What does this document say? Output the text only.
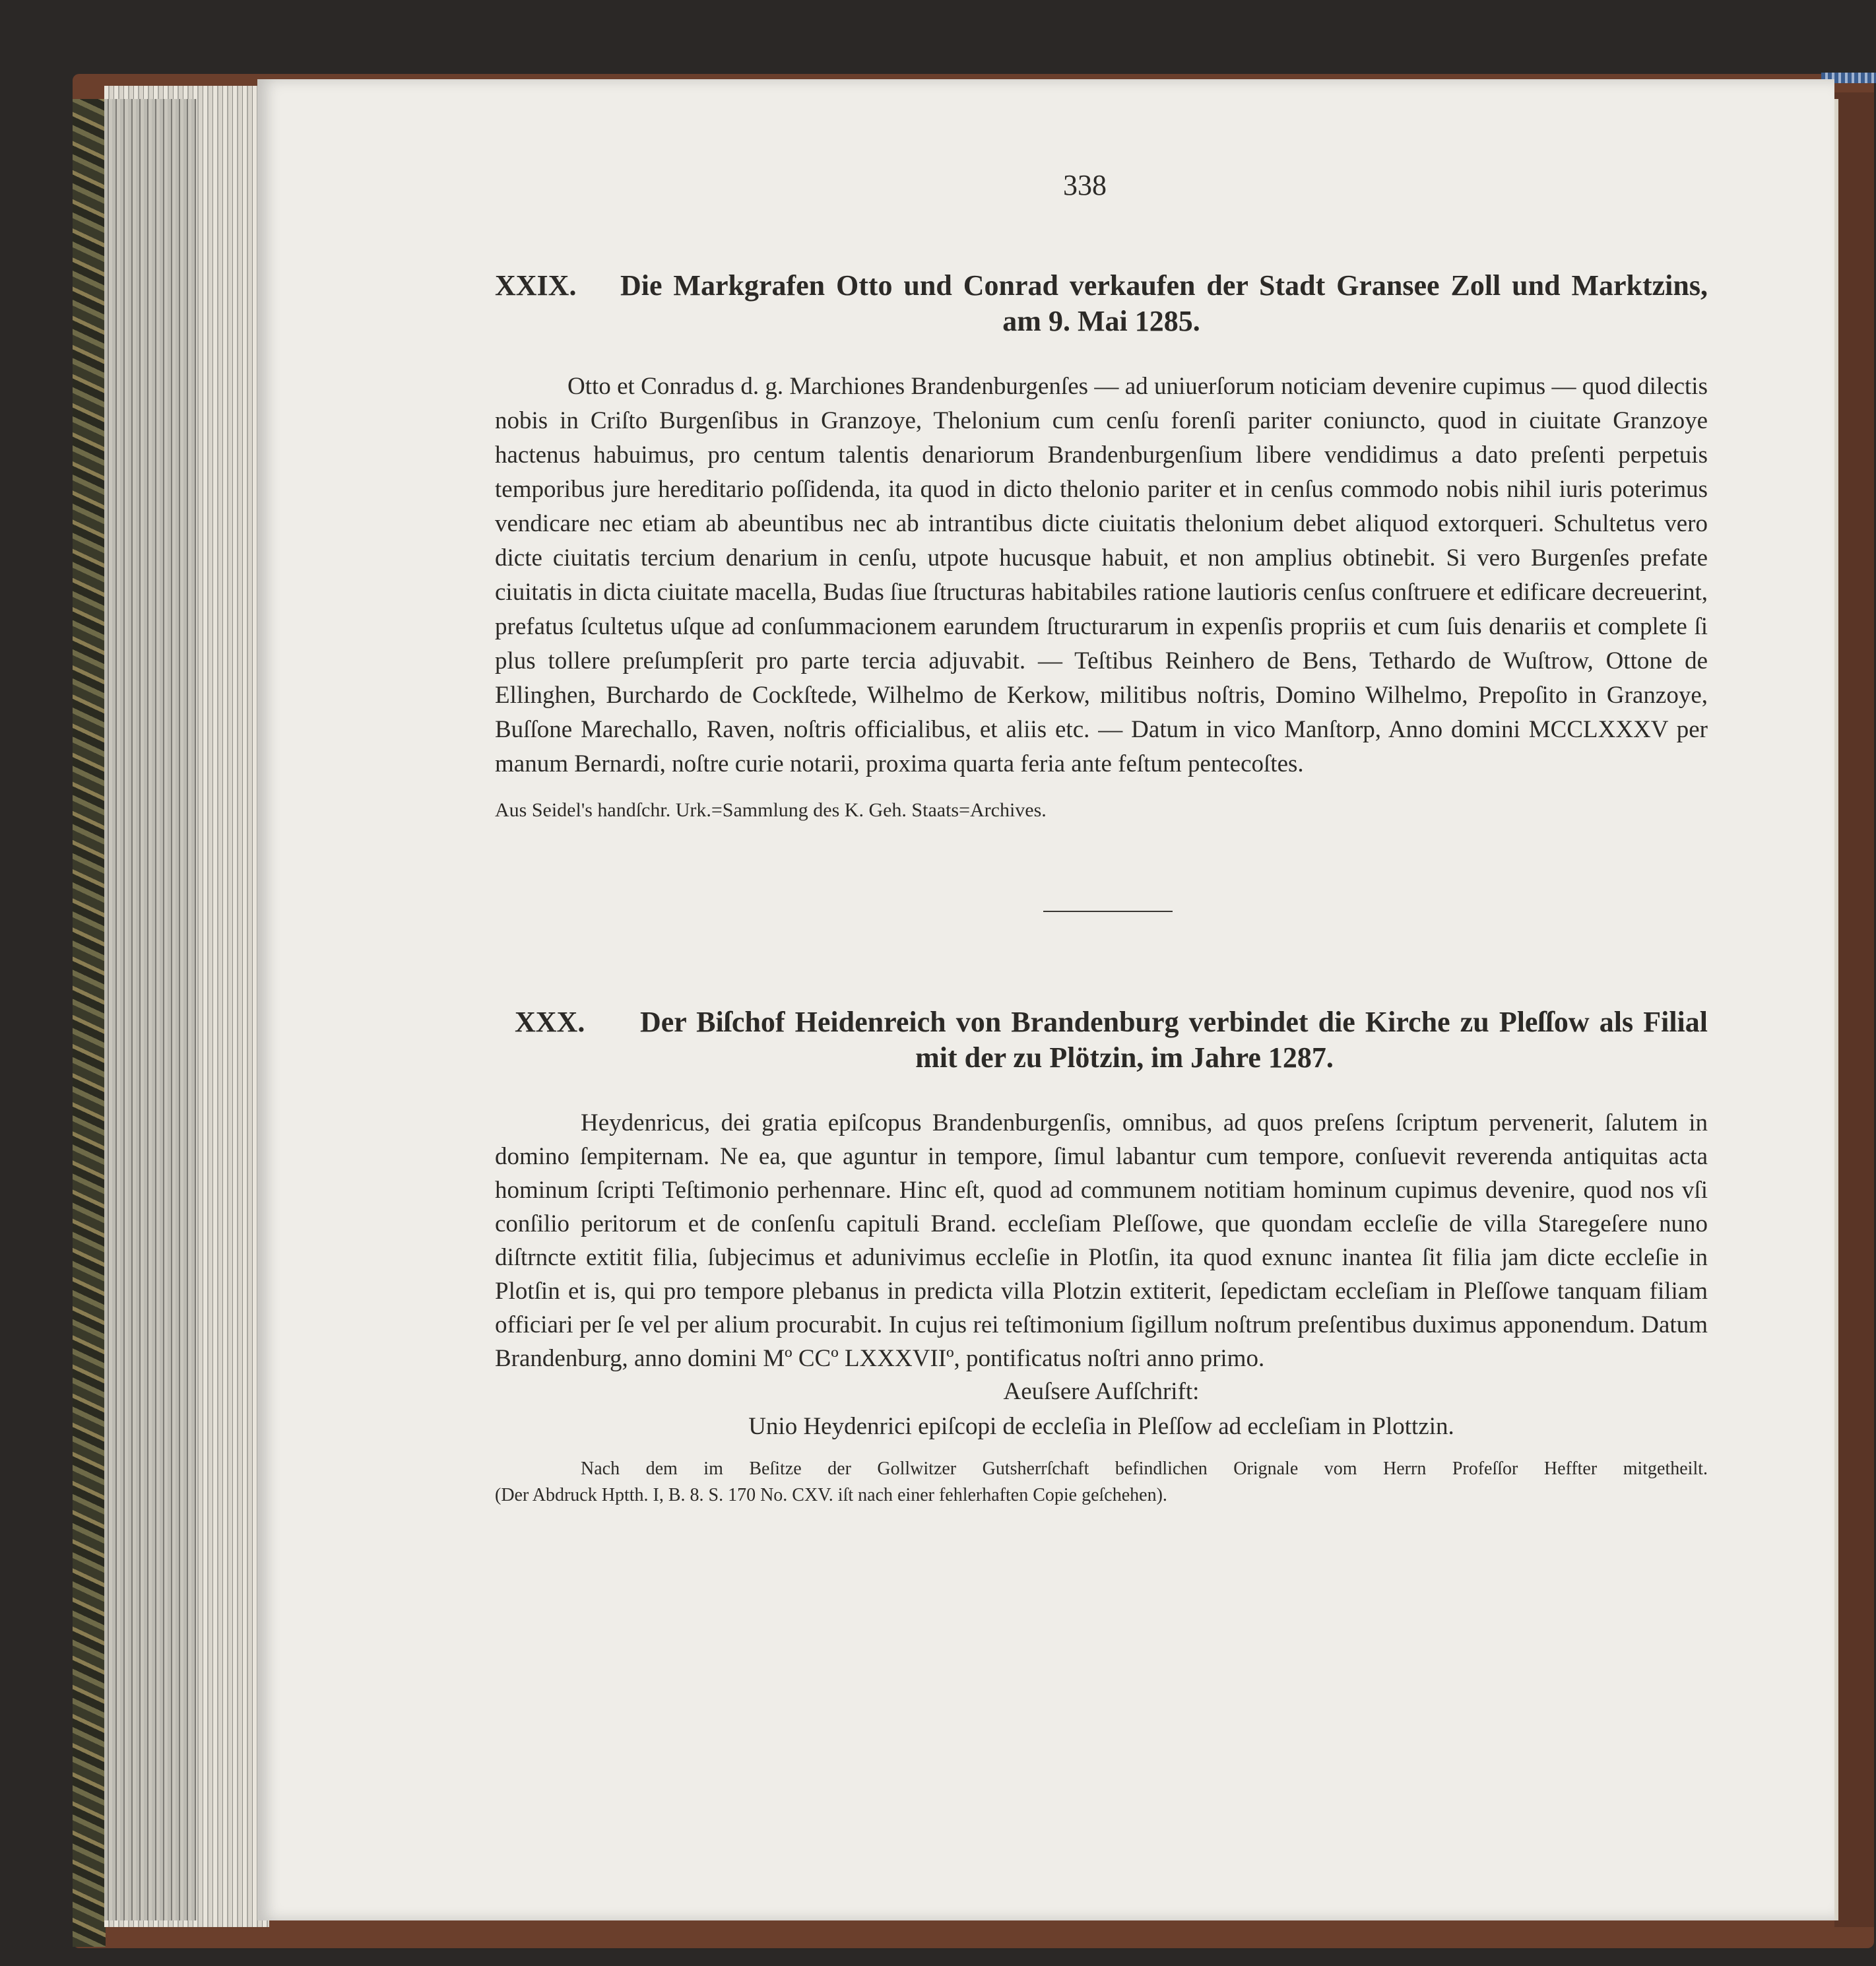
338
XXIX.	Die Markgrafen Otto und Conrad verkaufen der Stadt Gransee Zoll und Marktzins,
am 9. Mai 1285.

Otto et Conradus d. g. Marchiones Brandenburgenſes — ad uniuerſorum noticiam devenire cupimus — quod dilectis nobis in Criſto Burgenſibus in Granzoye, Thelonium cum cenſu forenſi pariter coniuncto, quod in ciuitate Granzoye hactenus habuimus, pro centum talentis denariorum Brandenburgenſium libere vendidimus a dato preſenti perpetuis temporibus jure hereditario poſſidenda, ita quod in dicto thelonio pariter et in cenſus commodo nobis nihil iuris poterimus vendicare nec etiam ab abeuntibus nec ab intrantibus dicte ciuitatis thelonium debet aliquod extorqueri. Schultetus vero dicte ciuitatis tercium denarium in cenſu, utpote hucusque habuit, et non amplius obtinebit. Si vero Burgenſes prefate ciuitatis in dicta ciuitate macella, Budas ſiue ſtructuras habitabiles ratione lautioris cenſus conſtruere et edificare decreuerint, prefatus ſcultetus uſque ad conſummacionem earundem ſtructurarum in expenſis propriis et cum ſuis denariis et complete ſi plus tollere preſumpſerit pro parte tercia adjuvabit. — Teſtibus Reinhero de Bens, Tethardo de Wuſtrow, Ottone de Ellinghen, Burchardo de Cockſtede, Wilhelmo de Kerkow, militibus noſtris, Domino Wilhelmo, Prepoſito in Granzoye, Buſſone Marechallo, Raven, noſtris officialibus, et aliis etc. — Datum in vico Manſtorp, Anno domini MCCLXXXV per manum Bernardi, noſtre curie notarii, proxima quarta feria ante feſtum pentecoſtes.

Aus Seidel's handſchr. Urk.=Sammlung des K. Geh. Staats=Archives.
XXX.	Der Biſchof Heidenreich von Brandenburg verbindet die Kirche zu Pleſſow als Filial
mit der zu Plötzin, im Jahre 1287.

Heydenricus, dei gratia epiſcopus Brandenburgenſis, omnibus, ad quos preſens ſcriptum pervenerit, ſalutem in domino ſempiternam. Ne ea, que aguntur in tempore, ſimul labantur cum tempore, conſuevit reverenda antiquitas acta hominum ſcripti Teſtimonio perhennare. Hinc eſt, quod ad communem notitiam hominum cupimus devenire, quod nos vſi conſilio peritorum et de conſenſu capituli Brand. eccleſiam Pleſſowe, que quondam eccleſie de villa Staregeſere nuno diſtrncte extitit filia, ſubjecimus et adunivimus eccleſie in Plotſin, ita quod exnunc inantea ſit filia jam dicte eccleſie in Plotſin et is, qui pro tempore plebanus in predicta villa Plotzin extiterit, ſepedictam eccleſiam in Pleſſowe tanquam filiam officiari per ſe vel per alium procurabit. In cujus rei teſtimonium ſigillum noſtrum preſentibus duximus apponendum. Datum Brandenburg, anno domini Mº CCº LXXXVIIº, pontificatus noſtri anno primo.

Aeuſsere Aufſchrift:

Unio Heydenrici epiſcopi de eccleſia in Pleſſow ad eccleſiam in Plottzin.

Nach dem im Beſitze der Gollwitzer Gutsherrſchaft befindlichen Orignale vom Herrn Profeſſor Heffter mitgetheilt.
(Der Abdruck Hptth. I, B. 8. S. 170 No. CXV. iſt nach einer fehlerhaften Copie geſchehen).
